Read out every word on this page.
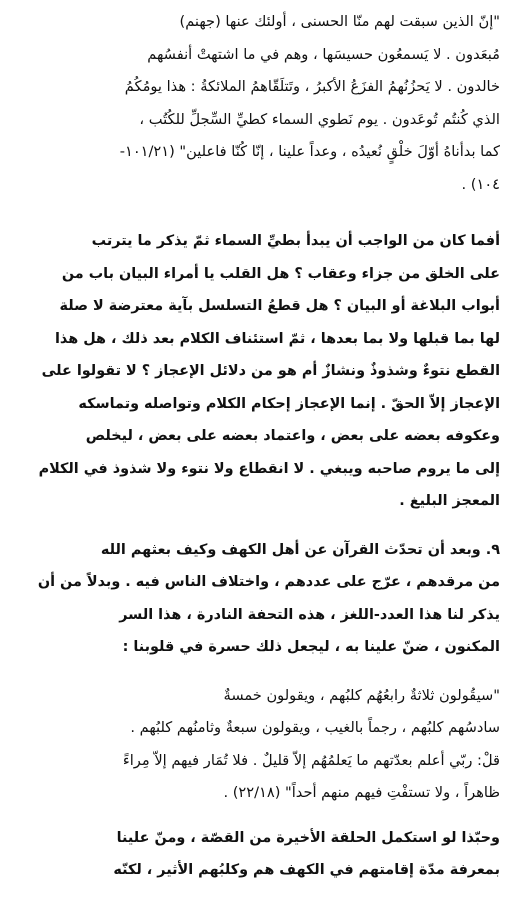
"إنّ الذين سبقت لهم منّا الحسنى ، أولئك عنها (جهنم)
مُبعَدون . لا يَسمعُون حسيسَها ، وهم في ما اشتهتْ أنفسُهم
خالدون . لا يَحزُنُهمُ الفزَعُ الأكبرُ ، وتَتلَقّاهمُ الملائكةُ : هذا يومُكُمُ
الذي كُنتُم تُوعَدون . يوم نَطوي السماء كطيِّ السِّجلِّ للكُتُب ،
كما بدأناهُ أوّلَ خلْقٍ نُعيدُه ، وعداً علينا ، إنّا كُنّا فاعلين" (١٠١/٢١-
١٠٤) .
أفما كان من الواجب أن يبدأ بطيِّ السماء ثمّ يذكر ما يترتب
على الخلق من جزاء وعقاب ؟ هل القلب يا أمراء البيان باب من
أبواب البلاغة أو البيان ؟ هل قطعُ التسلسل بآية معترضة لا صلة
لها بما قبلها ولا بما بعدها ، ثمّ استئناف الكلام بعد ذلك ، هل هذا
القطع نتوءٌ وشذوذٌ ونشازٌ أم هو من دلائل الإعجاز ؟ لا تقولوا على
الإعجاز إلاّ الحقّ . إنما الإعجاز إحكام الكلام وتواصله وتماسكه
وعكوفه بعضه على بعض ، واعتماد بعضه على بعض ، ليخلص
إلى ما يروم صاحبه ويبغي . لا انقطاع ولا نتوء ولا شذوذ في الكلام
المعجز البليغ .
٩. وبعد أن تحدّث القرآن عن أهل الكهف وكيف بعثهم الله
من مرقدهم ، عرّج على عددهم ، واختلاف الناس فيه . وبدلاً من أن
يذكر لنا هذا العدد-اللغز ، هذه التحفة النادرة ، هذا السر
المكنون ، ضنّ علينا به ، ليجعل ذلك حسرة في قلوبنا :
"سيقُولون ثلاثةٌ رابعُهُم كلبُهم ، ويقولون خمسةٌ
سادسُهم كلبُهم ، رجماً بالغيب ، ويقولون سبعةٌ وثامنُهم كلبُهم .
قلْ: ربّي أعلم بعدّتهم ما يَعلمُهُم إلاّ قليلٌ . فلا تُمَار فيهم إلاّ مِراءً
ظاهراً ، ولا تستفْتِ فيهم منهم أحداً" (٢٢/١٨) .
وحبّذا لو استكمل الحلقة الأخيرة من القصّة ، ومنّ علينا
بمعرفة مدّة إقامتهم في الكهف هم وكلبُهم الأثير ، لكنّه
